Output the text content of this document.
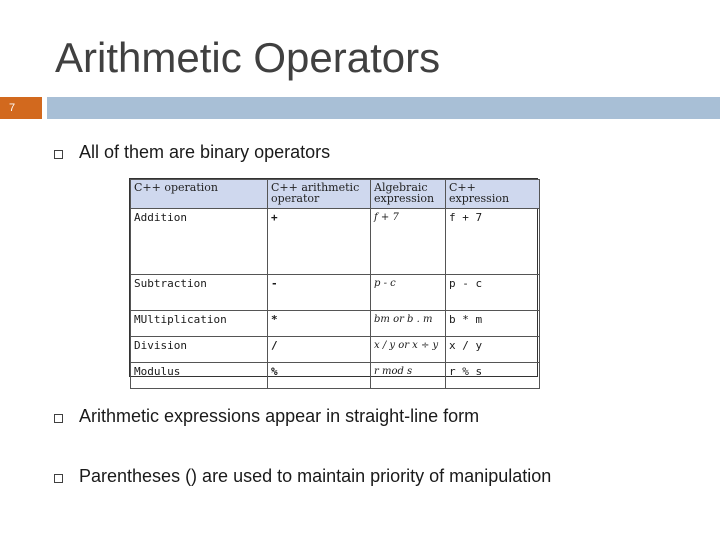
Arithmetic Operators
7
All of them are binary operators
C++ operation	C++ arithmetic operator	Algebraic expression	C++ expression
Addition	+	f + 7	f + 7
Subtraction	-	p - c	p - c
MUltiplication	*	bm or b . m	b * m
Division	/	x / y or x ÷ y	x / y
Modulus	%	r mod s	r % s
Arithmetic expressions appear in straight-line form
Parentheses () are used to maintain priority of manipulation
